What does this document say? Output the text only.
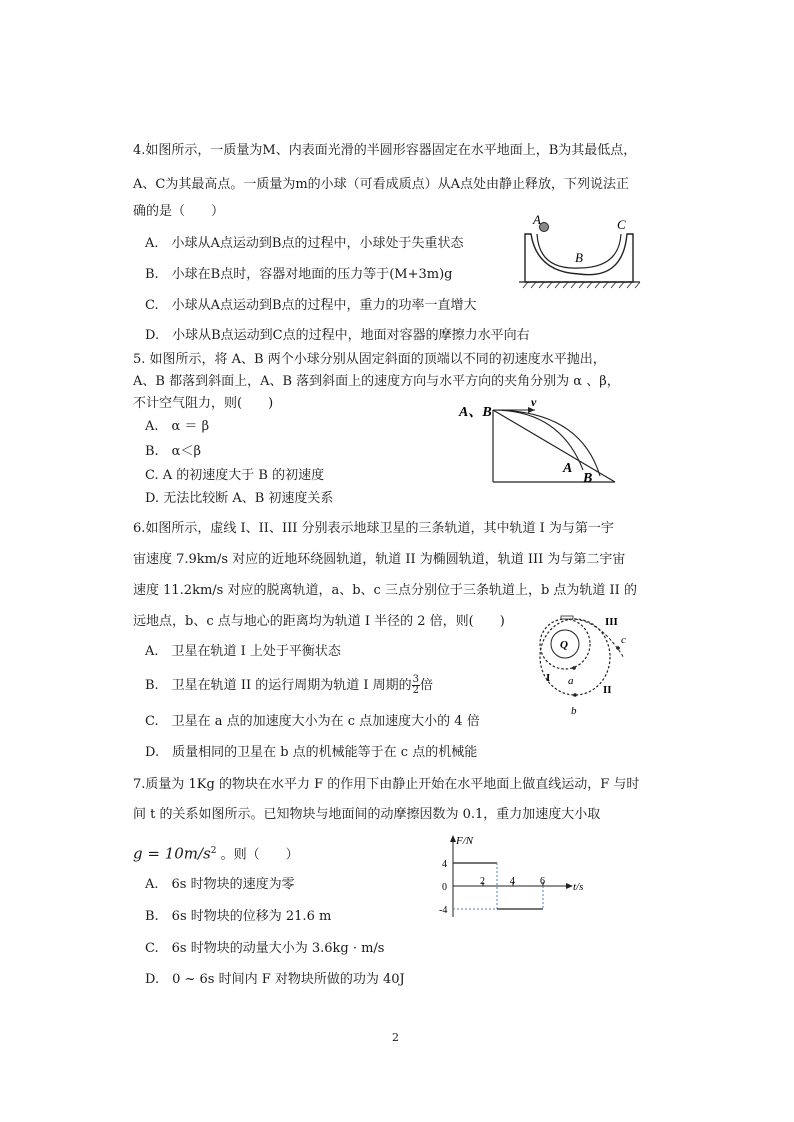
4.如图所示，一质量为M、内表面光滑的半圆形容器固定在水平地面上，B为其最低点，
A、C为其最高点。一质量为m的小球（可看成质点）从A点处由静止释放，下列说法正
确的是（　　）
A.　小球从A点运动到B点的过程中，小球处于失重状态
B.　小球在B点时，容器对地面的压力等于(M+3m)g
C.　小球从A点运动到B点的过程中，重力的功率一直增大
D.　小球从B点运动到C点的过程中，地面对容器的摩擦力水平向右
A	C
B
5. 如图所示，将 A、B 两个小球分别从固定斜面的顶端以不同的初速度水平抛出，
A、B 都落到斜面上，A、B 落到斜面上的速度方向与水平方向的夹角分别为 α 、β，
不计空气阻力，则(　　)
A.　α ＝ β
B.　α＜β
C. A 的初速度大于 B 的初速度
D. 无法比较断 A、B 初速度关系
A、B
v
A
B
6.如图所示，虚线 I、II、III 分别表示地球卫星的三条轨道，其中轨道 I 为与第一宇
宙速度 7.9km/s 对应的近地环绕圆轨道，轨道 II 为椭圆轨道，轨道 III 为与第二宇宙
速度 11.2km/s 对应的脱离轨道，a、b、c 三点分别位于三条轨道上，b 点为轨道 II 的
远地点，b、c 点与地心的距离均为轨道 I 半径的 2 倍，则(　　)
A.　卫星在轨道 I 上处于平衡状态
B.　卫星在轨道 II 的运行周期为轨道 I 周期的 $\frac{3}{2}$ 倍
C.　卫星在 a 点的加速度大小为在 c 点加速度大小的 4 倍
D.　质量相同的卫星在 b 点的机械能等于在 c 点的机械能
Q
I
II
III
a
b
c
7.质量为 1Kg 的物块在水平力 F 的作用下由静止开始在水平地面上做直线运动，F 与时
间 t 的关系如图所示。已知物块与地面间的动摩擦因数为 0.1，重力加速度大小取
$g = 10m/s^2$ 。则（　　）
A.　6s 时物块的速度为零
B.　6s 时物块的位移为 21.6 m
C.　6s 时物块的动量大小为 3.6kg · m/s
D.　0 ~ 6s 时间内 F 对物块所做的功为 40J
F/N
t/s
4
0
-4
2	4	6
2
